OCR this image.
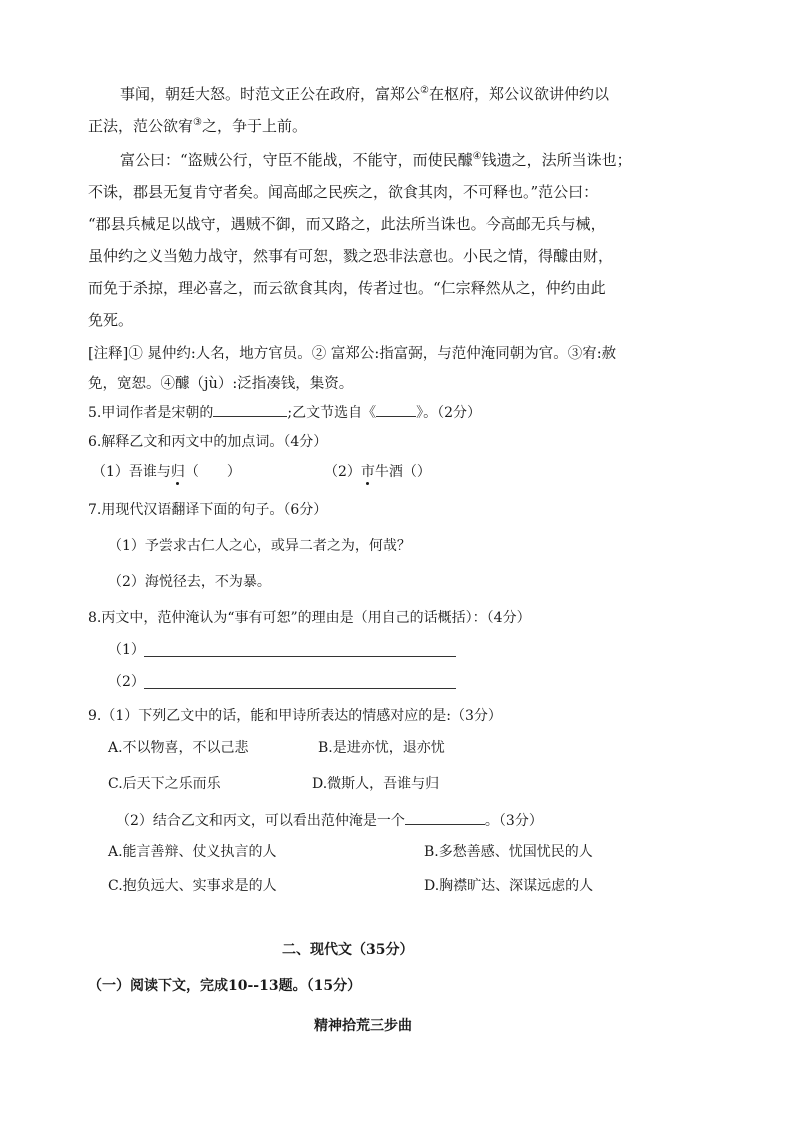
事闻，朝廷大怒。时范文正公在政府，富郑公②在枢府，郑公议欲讲仲约以
正法，范公欲宥③之，争于上前。
富公曰：“盗贼公行，守臣不能战，不能守，而使民醵④钱遗之，法所当诛也；
不诛，郡县无复肯守者矣。闻高邮之民疾之，欲食其肉，不可释也。”范公曰：
“郡县兵械足以战守，遇贼不御，而又路之，此法所当诛也。今高邮无兵与械，
虽仲约之义当勉力战守，然事有可恕，戮之恐非法意也。小民之情，得醵由财，
而免于杀掠，理必喜之，而云欲食其肉，传者过也。“仁宗释然从之，仲约由此
免死。
[注释]① 晁仲约:人名，地方官员。② 富郑公:指富弼，与范仲淹同朝为官。③宥:赦
免，宽恕。④醵（jù）:泛指凑钱，集资。
5.甲词作者是宋朝的	;乙文节选自《	》。（2分）
6.解释乙文和丙文中的加点词。（4分）
（1）吾谁与归（　　）	（2）市牛酒（）
7.用现代汉语翻译下面的句子。（6分）
（1）予尝求古仁人之心，或异二者之为，何哉？
（2）海悦径去，不为暴。
8.丙文中，范仲淹认为“事有可恕”的理由是（用自己的话概括）：（4分）
（1）
（2）
9.（1）下列乙文中的话，能和甲诗所表达的情感对应的是:（3分）
A.不以物喜，不以己悲	B.是进亦忧，退亦忧
C.后天下之乐而乐	D.微斯人，吾谁与归
（2）结合乙文和丙文，可以看出范仲淹是一个	。（3分）
A.能言善辩、仗义执言的人	B.多愁善感、忧国忧民的人
C.抱负远大、实事求是的人	D.胸襟旷达、深谋远虑的人
二、现代文（35分）
（一）阅读下文，完成10--13题。（15分）
精神拾荒三步曲
